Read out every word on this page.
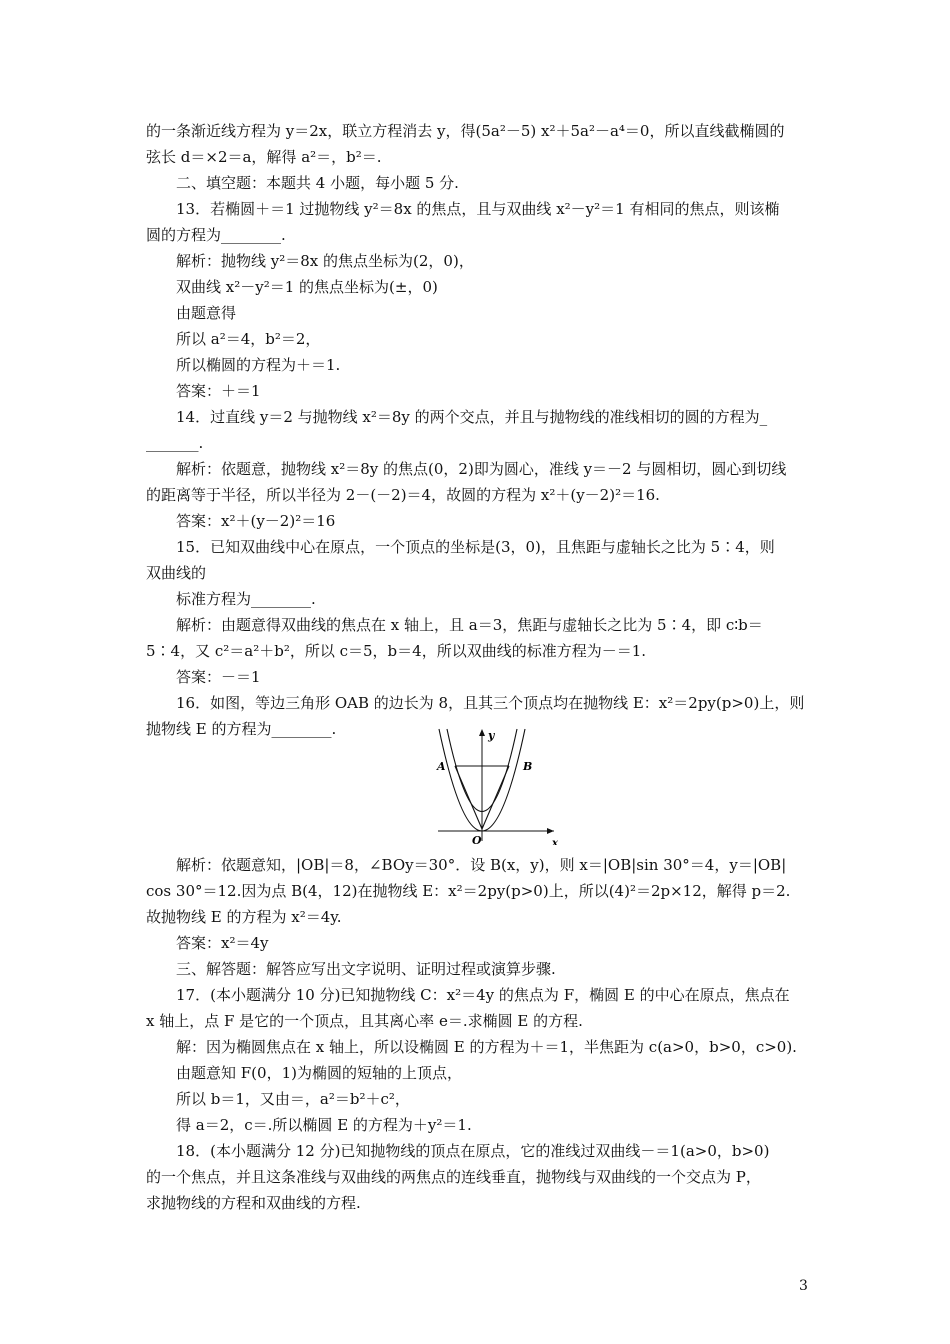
的一条渐近线方程为 y＝2x，联立方程消去 y，得(5a²－5) x²＋5a²－a⁴＝0，所以直线截椭圆的
弦长 d＝×2＝a，解得 a²＝，b²＝.
二、填空题：本题共 4 小题，每小题 5 分.
13．若椭圆＋＝1 过抛物线 y²＝8x 的焦点，且与双曲线 x²－y²＝1 有相同的焦点，则该椭
圆的方程为________.
解析：抛物线 y²＝8x 的焦点坐标为(2，0)，
双曲线 x²－y²＝1 的焦点坐标为(±，0)
由题意得
所以 a²＝4，b²＝2，
所以椭圆的方程为＋＝1.
答案：＋＝1
14．过直线 y＝2 与抛物线 x²＝8y 的两个交点，并且与抛物线的准线相切的圆的方程为_
_______.
解析：依题意，抛物线 x²＝8y 的焦点(0，2)即为圆心，准线 y＝－2 与圆相切，圆心到切线
的距离等于半径，所以半径为 2－(－2)＝4，故圆的方程为 x²＋(y－2)²＝16.
答案：x²＋(y－2)²＝16
15．已知双曲线中心在原点，一个顶点的坐标是(3，0)，且焦距与虚轴长之比为 5∶4，则
双曲线的
标准方程为________.
解析：由题意得双曲线的焦点在 x 轴上，且 a＝3，焦距与虚轴长之比为 5∶4，即 c∶b＝
5∶4，又 c²＝a²＋b²，所以 c＝5，b＝4，所以双曲线的标准方程为－＝1.
答案：－＝1
16．如图，等边三角形 OAB 的边长为 8，且其三个顶点均在抛物线 E：x²＝2py(p>0)上，则
抛物线 E 的方程为________.	y
x
A	B
O
解析：依题意知，|OB|＝8，∠BOy＝30°．设 B(x，y)，则 x＝|OB|sin 30°＝4，y＝|OB|
cos 30°＝12.因为点 B(4，12)在抛物线 E：x²＝2py(p>0)上，所以(4)²＝2p×12，解得 p＝2.
故抛物线 E 的方程为 x²＝4y.
答案：x²＝4y
三、解答题：解答应写出文字说明、证明过程或演算步骤.
17．(本小题满分 10 分)已知抛物线 C：x²＝4y 的焦点为 F，椭圆 E 的中心在原点，焦点在
x 轴上，点 F 是它的一个顶点，且其离心率 e＝.求椭圆 E 的方程.
解：因为椭圆焦点在 x 轴上，所以设椭圆 E 的方程为＋＝1，半焦距为 c(a>0，b>0，c>0).
由题意知 F(0，1)为椭圆的短轴的上顶点，
所以 b＝1，又由＝，a²＝b²＋c²，
得 a＝2，c＝.所以椭圆 E 的方程为＋y²＝1.
18．(本小题满分 12 分)已知抛物线的顶点在原点，它的准线过双曲线－＝1(a>0，b>0)
的一个焦点，并且这条准线与双曲线的两焦点的连线垂直，抛物线与双曲线的一个交点为 P，
求抛物线的方程和双曲线的方程.
3
